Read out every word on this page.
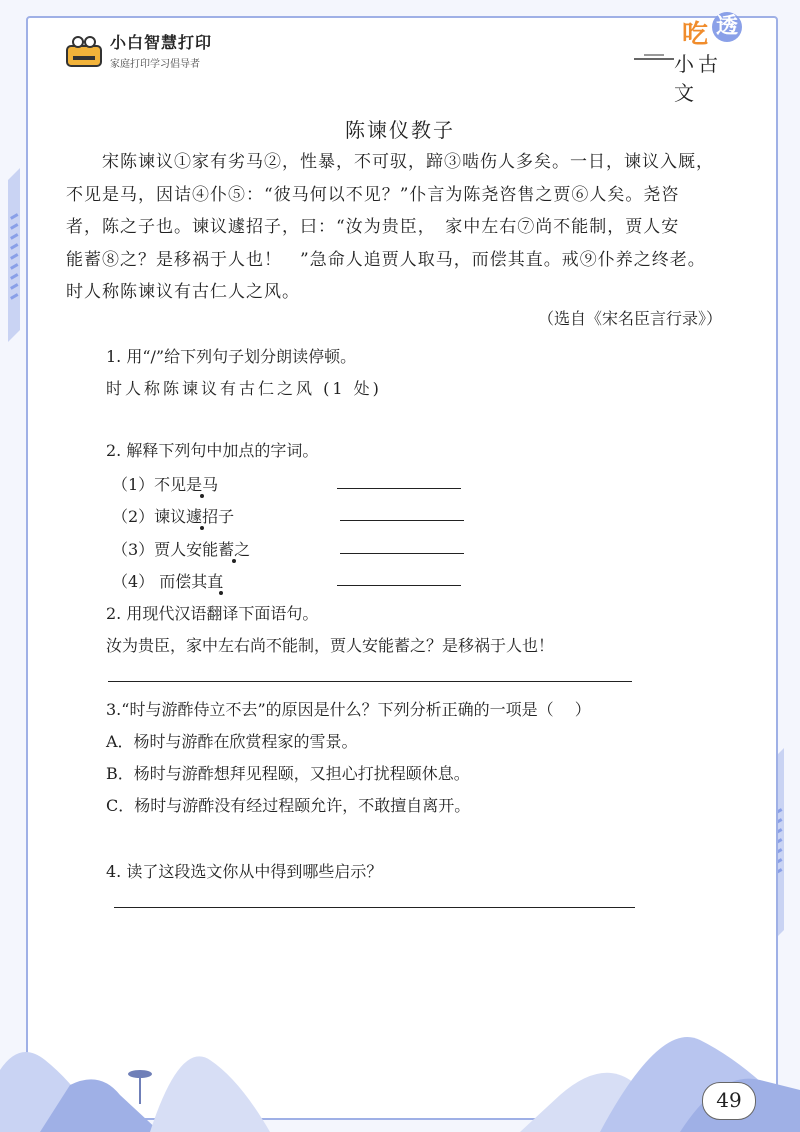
小白智慧打印
家庭打印学习倡导者
吃 透
小古文
陈谏仪教子
　　宋陈谏议①家有劣马②，性暴，不可驭，蹄③啮伤人多矣。一日，谏议入厩，
不见是马，因诘④仆⑤：“彼马何以不见？”仆言为陈尧咨售之贾⑥人矣。尧咨
者，陈之子也。谏议遽招子，曰：“汝为贵臣，　家中左右⑦尚不能制，贾人安
能蓄⑧之？是移祸于人也！　”急命人追贾人取马，而偿其直。戒⑨仆养之终老。
时人称陈谏议有古仁人之风。
（选自《宋名臣言行录》）
1. 用“/”给下列句子划分朗读停顿。
时人称陈谏议有古仁之风 (1 处)
2. 解释下列句中加点的字词。
（1）不见是马
（2）谏议遽招子
（3）贾人安能蓄之
（4） 而偿其直
2. 用现代汉语翻译下面语句。
汝为贵臣，家中左右尚不能制，贾人安能蓄之？是移祸于人也！
3.“时与游酢侍立不去”的原因是什么？下列分析正确的一项是（　 ）
A．杨时与游酢在欣赏程家的雪景。
B．杨时与游酢想拜见程颐，又担心打扰程颐休息。
C．杨时与游酢没有经过程颐允许，不敢擅自离开。
4. 读了这段选文你从中得到哪些启示？
49
